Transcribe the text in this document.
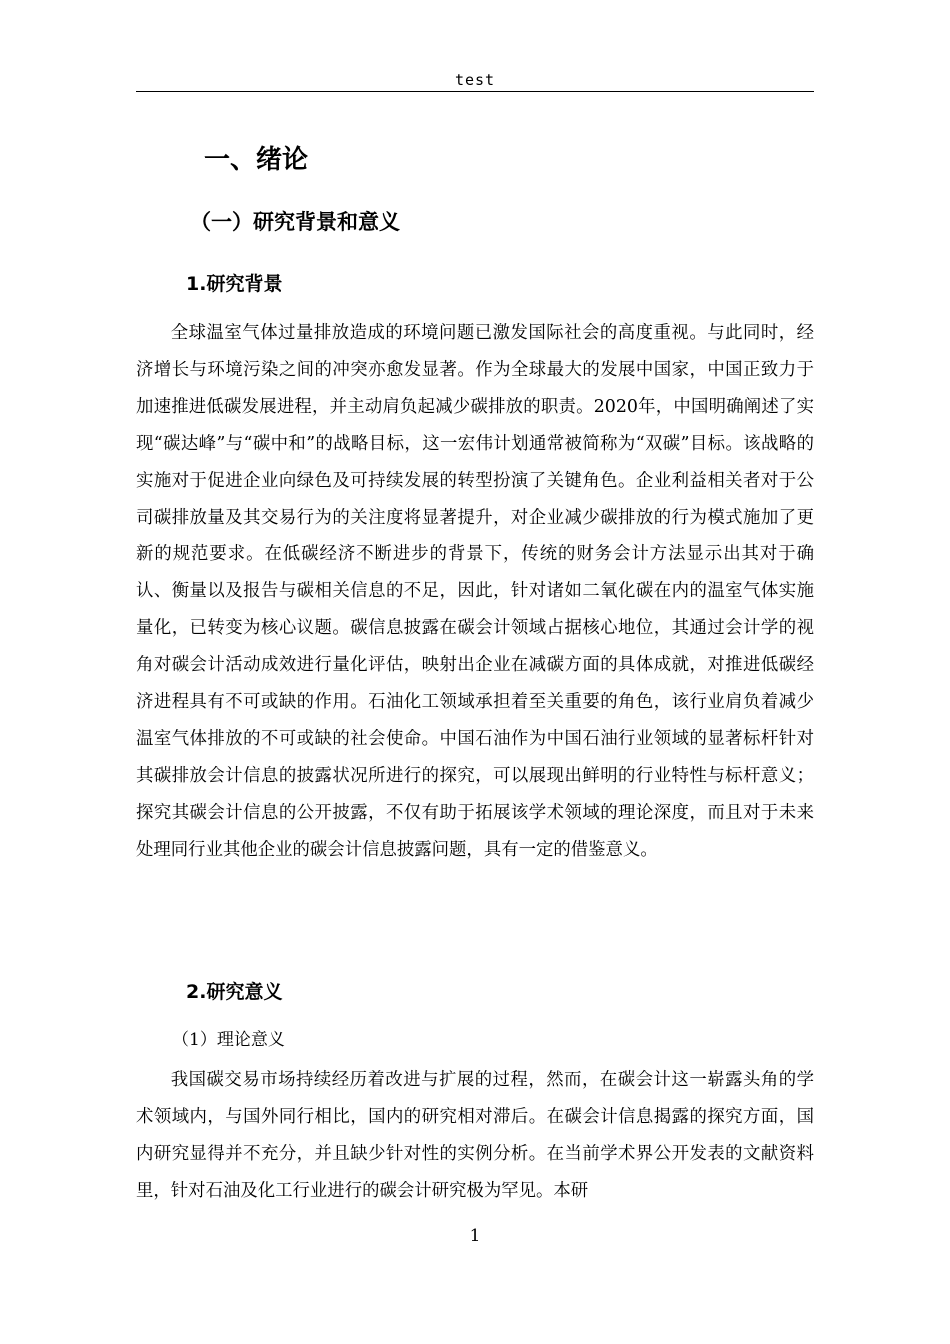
test
一、绪论
（一）研究背景和意义
1.研究背景

全球温室气体过量排放造成的环境问题已激发国际社会的高度重视。与此同时，经济增长与环境污染之间的冲突亦愈发显著。作为全球最大的发展中国家，中国正致力于加速推进低碳发展进程，并主动肩负起减少碳排放的职责。2020年，中国明确阐述了实现“碳达峰”与“碳中和”的战略目标，这一宏伟计划通常被简称为“双碳”目标。该战略的实施对于促进企业向绿色及可持续发展的转型扮演了关键角色。企业利益相关者对于公司碳排放量及其交易行为的关注度将显著提升，对企业减少碳排放的行为模式施加了更新的规范要求。在低碳经济不断进步的背景下，传统的财务会计方法显示出其对于确认、衡量以及报告与碳相关信息的不足，因此，针对诸如二氧化碳在内的温室气体实施量化，已转变为核心议题。碳信息披露在碳会计领域占据核心地位，其通过会计学的视角对碳会计活动成效进行量化评估，映射出企业在减碳方面的具体成就，对推进低碳经济进程具有不可或缺的作用。石油化工领域承担着至关重要的角色，该行业肩负着减少温室气体排放的不可或缺的社会使命。中国石油作为中国石油行业领域的显著标杆针对其碳排放会计信息的披露状况所进行的探究，可以展现出鲜明的行业特性与标杆意义；探究其碳会计信息的公开披露，不仅有助于拓展该学术领域的理论深度，而且对于未来处理同行业其他企业的碳会计信息披露问题，具有一定的借鉴意义。

2.研究意义

（1）理论意义

我国碳交易市场持续经历着改进与扩展的过程，然而，在碳会计这一崭露头角的学术领域内，与国外同行相比，国内的研究相对滞后。在碳会计信息揭露的探究方面，国内研究显得并不充分，并且缺少针对性的实例分析。在当前学术界公开发表的文献资料里，针对石油及化工行业进行的碳会计研究极为罕见。本研

1
